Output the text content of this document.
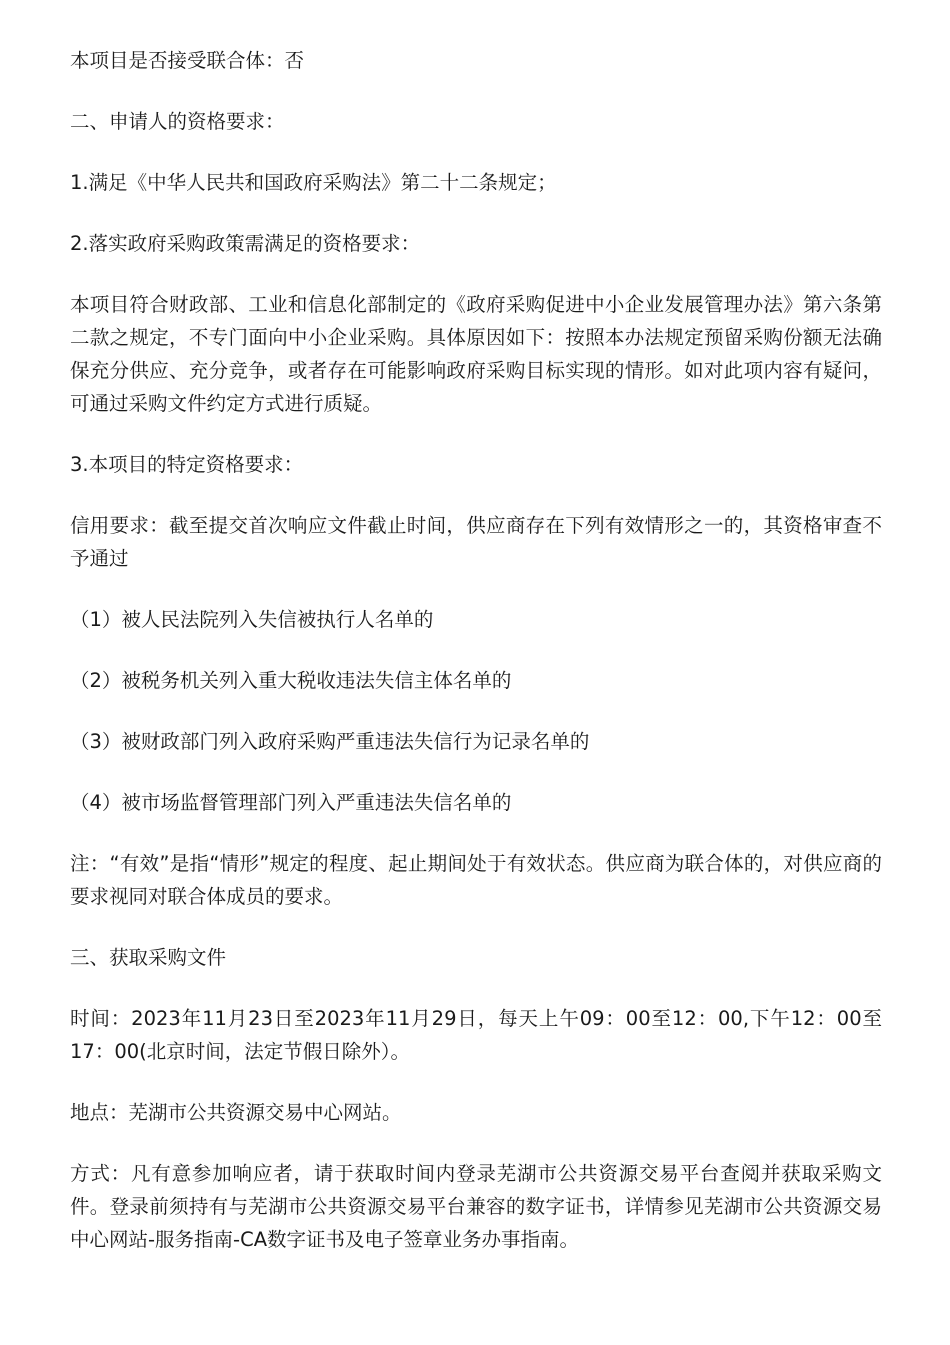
本项目是否接受联合体：否

二、申请人的资格要求：

1.满足《中华人民共和国政府采购法》第二十二条规定；

2.落实政府采购政策需满足的资格要求：

本项目符合财政部、工业和信息化部制定的《政府采购促进中小企业发展管理办法》第六条第二款之规定，不专门面向中小企业采购。具体原因如下：按照本办法规定预留采购份额无法确保充分供应、充分竞争，或者存在可能影响政府采购目标实现的情形。如对此项内容有疑问，可通过采购文件约定方式进行质疑。

3.本项目的特定资格要求：

信用要求：截至提交首次响应文件截止时间，供应商存在下列有效情形之一的，其资格审查不予通过

（1）被人民法院列入失信被执行人名单的

（2）被税务机关列入重大税收违法失信主体名单的

（3）被财政部门列入政府采购严重违法失信行为记录名单的

（4）被市场监督管理部门列入严重违法失信名单的

注：“有效”是指“情形”规定的程度、起止期间处于有效状态。供应商为联合体的，对供应商的要求视同对联合体成员的要求。

三、获取采购文件

时间：2023年11月23日至2023年11月29日，每天上午09：00至12：00,下午12：00至17：00(北京时间，法定节假日除外）。

地点：芜湖市公共资源交易中心网站。

方式：凡有意参加响应者，请于获取时间内登录芜湖市公共资源交易平台查阅并获取采购文件。登录前须持有与芜湖市公共资源交易平台兼容的数字证书，详情参见芜湖市公共资源交易中心网站-服务指南-CA数字证书及电子签章业务办事指南。
